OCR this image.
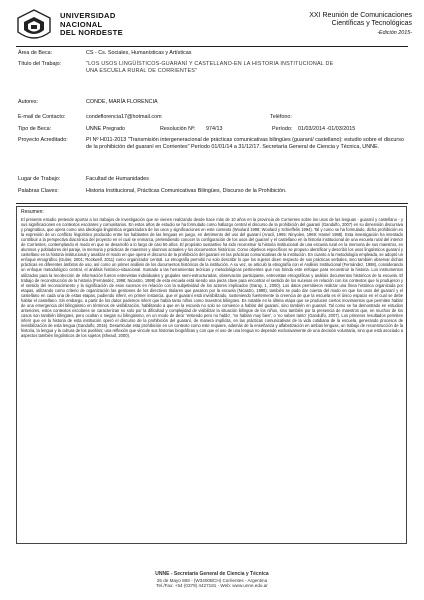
UNIVERSIDAD
NACIONAL
DEL NORDESTE
XXI Reunión de Comunicaciones
Científicas y Tecnológicas
-Edición 2015-
Área de Beca:	CS - Cs. Sociales, Humanísticas y Artísticas
Título del Trabajo:	"LOS USOS LINGÜÍSTICOS-GUARANÍ Y CASTELLANO-EN LA HISTORIA INSTITUCIONAL DE UNA ESCUELA RURAL DE CORRIENTES"
Autores:	CONDE, MARÍA FLORENCIA
E-mail de Contacto:	condeflorencia17@hotmail.com	Teléfono:
Tipo de Beca:	UNNE Pregrado	Resolución Nº: 974/13	Período: 01/03/2014 -01/03/2015
Proyecto Acreditado:	PI Nº H011-2013 "Transmisión intergeneracional de prácticas comunicativas bilingües (guaraní/ castellano): estudio sobre el discurso de la prohibición del guaraní en Corrientes" Período 01/01/14 a 31/12/17. Secretaría General de Ciencia y Técnica, UNNE.
Lugar de Trabajo:	Facultad de Humanidades
Palabras Claves:	Historia Institucional, Prácticas Comunicativas Bilingües, Discurso de la Prohibición.
Resumen:

El presente estudio pretende aportar a los trabajos de investigación que se vienen realizando desde hace más de 10 años en la provincia de Corrientes sobre los usos de las lenguas - guaraní y castellano - y sus significaciones en contextos escolares y comunitarios. En estos años de estudio se ha formulado como hallazgo central el discurso de la prohibición del guaraní (Gandulfo, 2007) en su dimensión discursiva y pragmática, que opera como una ideología lingüística organizadora de los usos y significaciones en este contexto (Woolard 1998; Woolard y Schieffelin 1994). Tal y como se ha formulado, dicha prohibición es la expresión de un conflicto lingüístico producido entre los hablantes de las lenguas en juego, en detrimento del uso del guaraní (Aracil, 1965; Ninyoles, 1969; Hamel 1988). Esta investigación ha intentado contribuir a la perspectiva diacrónica del proyecto en el cual se enmarca, pretendiendo conocer la configuración de los usos del guaraní y el castellano en la historia institucional de una escuela rural del interior de Corrientes, contemplando el modo en que se desarrolló a lo largo de casi 50 años. El propósito sustantivo ha sido reconstruir la historia institucional de una escuela rural en la memoria de sus maestros, ex alumnos y pobladores del paraje, la memoria y prácticas de maestros y alumnos actuales y los documentos históricos. Como objetivos específicos se propuso identificar y describir los usos lingüísticos guaraní y castellano en la historia institucional y analizar el modo en que opera el discurso de la prohibición del guaraní en las prácticas comunicativas de la institución. En cuanto a la metodología empleada, se adoptó un enfoque etnográfico (Guber, 2001; Rockwell, 2011) como organizador central. La etnografía permitió no solo describir lo que los sujetos dicen respecto de sus prácticas verbales, sino también observar dichas prácticas en diferentes ámbitos de uso, así como un primer análisis de los documentos históricos de la institución. A su vez, se articuló la etnografía con el Análisis Institucional (Fernández, 1998), considerando un enfoque metodológico central, el análisis histórico-situacional. Sumado a las herramientas teóricas y metodológicas pertinentes que nos brinda este enfoque para reconstruir la historia. Los instrumentos utilizados para la recolección de información fueron entrevistas individuales y grupales semi-estructuradas, observación participante, entrevistas etnográficas y análisis documentos históricos de la escuela. El trabajo de reconstrucción de la historia (Fernández, 1998; Nicastro, 1998) de esta escuela está siendo una pieza clave para encontrar el sentido de los sucesos en relación con los contextos que lo produjeron y el sentido del reconocimiento y la significación de esos sucesos en relación con la subjetividad de los actores implicados (Garay, 1, 2000). Los datos permitieron realizar una línea histórica organizada por etapas, utilizando como criterio de organización las gestiones de los directivos titulares que pasaron por la escuela (Nicastro, 1998), también se pudo dar cuenta del modo en que los usos del guaraní y el castellano en cada una de estas etapas, pudiendo inferir, en primer instancia, que el guaraní está invisibilizado, sosteniendo fuertemente la creencia de que la escuela es el único espacio en el cual se debe hablar el castellano. Sin embargo, a partir de los datos podemos inferir que había tanto niños como maestros bilingües. Es notable en la última etapa que se producen ciertos movimientos que permiten hablar de una emergencia del bilingüismo en términos de visibilización, habilitando a que en la escuela no solo se comience a hablar del guaraní, sino también en guaraní. Tal como se ha demostrado en estudios anteriores, estos contextos escolares se caracterizan no solo por la dificultad y complejidad de visibilizar la situación bilingüe de los niños, sino también por la presencia de maestros que, en muchos de los casos son también bilingües, pero ocultan o niegan su bilingüismo, en un modo de decir 'entiendo pero no hablo', 'no hablan muy bien', o 'no saben tanto' (Gandulfo, 2007). Los primeros resultados permiten inferir que en la historia de esta institución operó el discurso de la prohibición del guaraní, de manera implícita, en las prácticas comunicativas de la vida cotidiana de la escuela, generando procesos de invisibilización de esta lengua (Gandulfo, 2015). Desarticular esta prohibición en un contexto como este requiere, además de la enseñanza y alfabetización en ambas lenguas, un trabajo de reconstrucción de la historia, la lengua y la cultura de los pueblos; una reflexión que vincule sus historias biográficas y con que el uso de una lengua no depende exclusivamente de una decisión voluntaria, sino que está asociado a aspectos también lingüísticos de los sujetos (Sheauf, 2000).

UNNE - Secretaría General de Ciencia y Técnica
25 de Mayo 868 - (W3400BCH) Corrientes - Argentina
Tel./Fax: +54 (0379) 4427181 - Web: www.unne.edu.ar
